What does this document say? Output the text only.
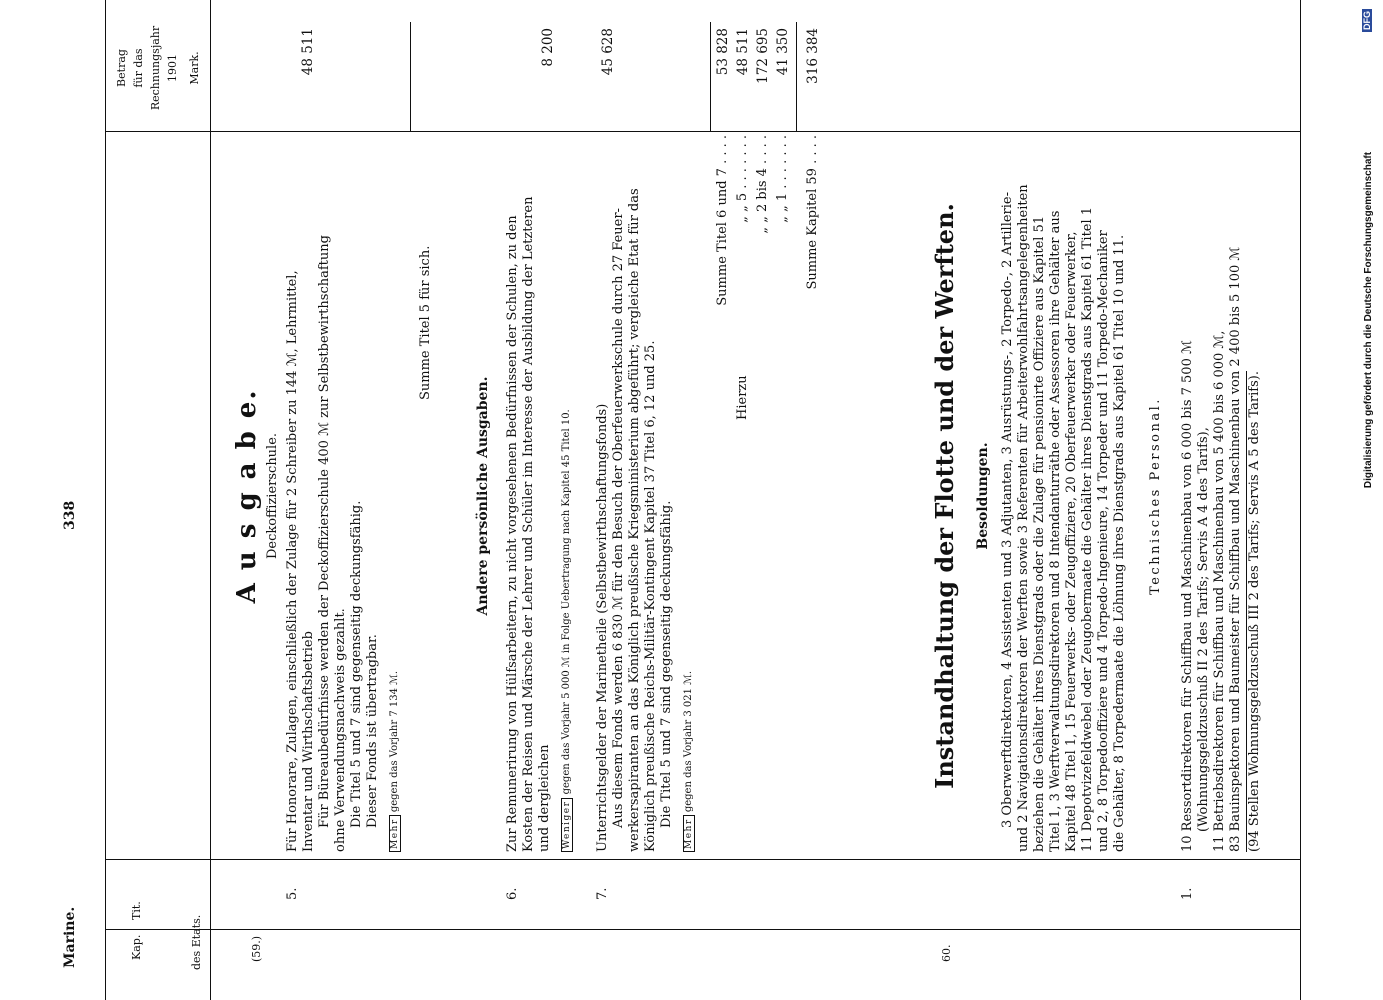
Marine.
338
Kap.
Tit.
des Etats.
Betrag für das Rechnungsjahr 1901 Mark.
A u s g a b e.
(59.)
Deckoffizierschule.
5.
Für Honorare, Zulagen, einschließlich der Zulage für 2 Schreiber zu 144 ℳ, Lehrmittel, Inventar und Wirthschaftsbetrieb Für Büreaubedürfnisse werden der Deckoffizierschule 400 ℳ zur Selbstbewirthschaftung ohne Verwendungsnachweis gezahlt. Die Titel 5 und 7 sind gegenseitig deckungsfähig. Dieser Fonds ist übertragbar.
Mehr gegen das Vorjahr 7 134 ℳ.
48 511
Summe Titel 5 für sich.
Andere persönliche Ausgaben.
6.
Zur Remunerirung von Hülfsarbeitern, zu nicht vorgesehenen Bedürfnissen der Schulen, zu den Kosten der Reisen und Märsche der Lehrer und Schüler im Interesse der Ausbildung der Letzteren und dergleichen	Weniger gegen das Vorjahr 5 000 ℳ in Folge Uebertragung nach Kapitel 45 Titel 10.
8 200
7.
Unterrichtsgelder der Marinetheile (Selbstbewirthschaftungsfonds) Aus diesem Fonds werden 6 830 ℳ für den Besuch der Oberfeuerwerkschule durch 27 Feuer- werkersapiranten an das Königlich preußische Kriegsministerium abgeführt; vergleiche Etat für das Königlich preußische Reichs-Militär-Kontingent Kapitel 37 Titel 6, 12 und 25. Die Titel 5 und 7 sind gegenseitig deckungsfähig.
Mehr gegen das Vorjahr 3 021 ℳ.
45 628
Summe Titel 6 und 7 . . . .
53 828
Hierzu
„ „ 5 . . . . . . .
48 511
„ „ 2 bis 4 . . . .
172 695
„ „ 1 . . . . . . .
41 350
Summe Kapitel 59 . . . .
316 384
60.
Instandhaltung der Flotte und der Werften. Besoldungen. 3 Oberwerftdirektoren, 4 Assistenten und 3 Adjutanten, 3 Ausrüstungs-, 2 Torpedo-, 2 Artillerie- und 2 Navigationsdirektoren der Werften sowie 3 Referenten für Arbeiterwohlfahrtsangelegenheiten beziehen die Gehälter ihres Dienstgrads oder die Zulage für pensionirte Offiziere aus Kapitel 51 Titel 1, 3 Werftverwaltungsdirektoren und 8 Intendanturräthe oder Assessoren ihre Gehälter aus Kapitel 48 Titel 1, 15 Feuerwerks- oder Zeugoffiziere, 20 Oberfeuerwerker oder Feuerwerker, 11 Depotvizefeldwebel oder Zeugobermaate die Gehälter ihres Dienstgrads aus Kapitel 61 Titel 1 und 2, 8 Torpedooffiziere und 4 Torpedo-Ingenieure, 14 Torpeder und 11 Torpedo-Mechaniker die Gehälter, 8 Torpedermaate die Löhnung ihres Dienstgrads aus Kapitel 61 Titel 10 und 11. Technisches Personal.
1.
10 Ressortdirektoren für Schiffbau und Maschinenbau von 6 000 bis 7 500 ℳ (Wohnungsgeldzuschuß II 2 des Tarifs; Servis A 4 des Tarifs), 11 Betriebsdirektoren für Schiffbau und Maschinenbau von 5 400 bis 6 000 ℳ, 83 Bauinspektoren und Baumeister für Schiffbau und Maschinenbau von 2 400 bis 5 100 ℳ (94 Stellen Wohnungsgeldzuschuß III 2 des Tarifs; Servis A 5 des Tarifs).
Digitalisierung gefördert durch die Deutsche Forschungsgemeinschaft
DFG
